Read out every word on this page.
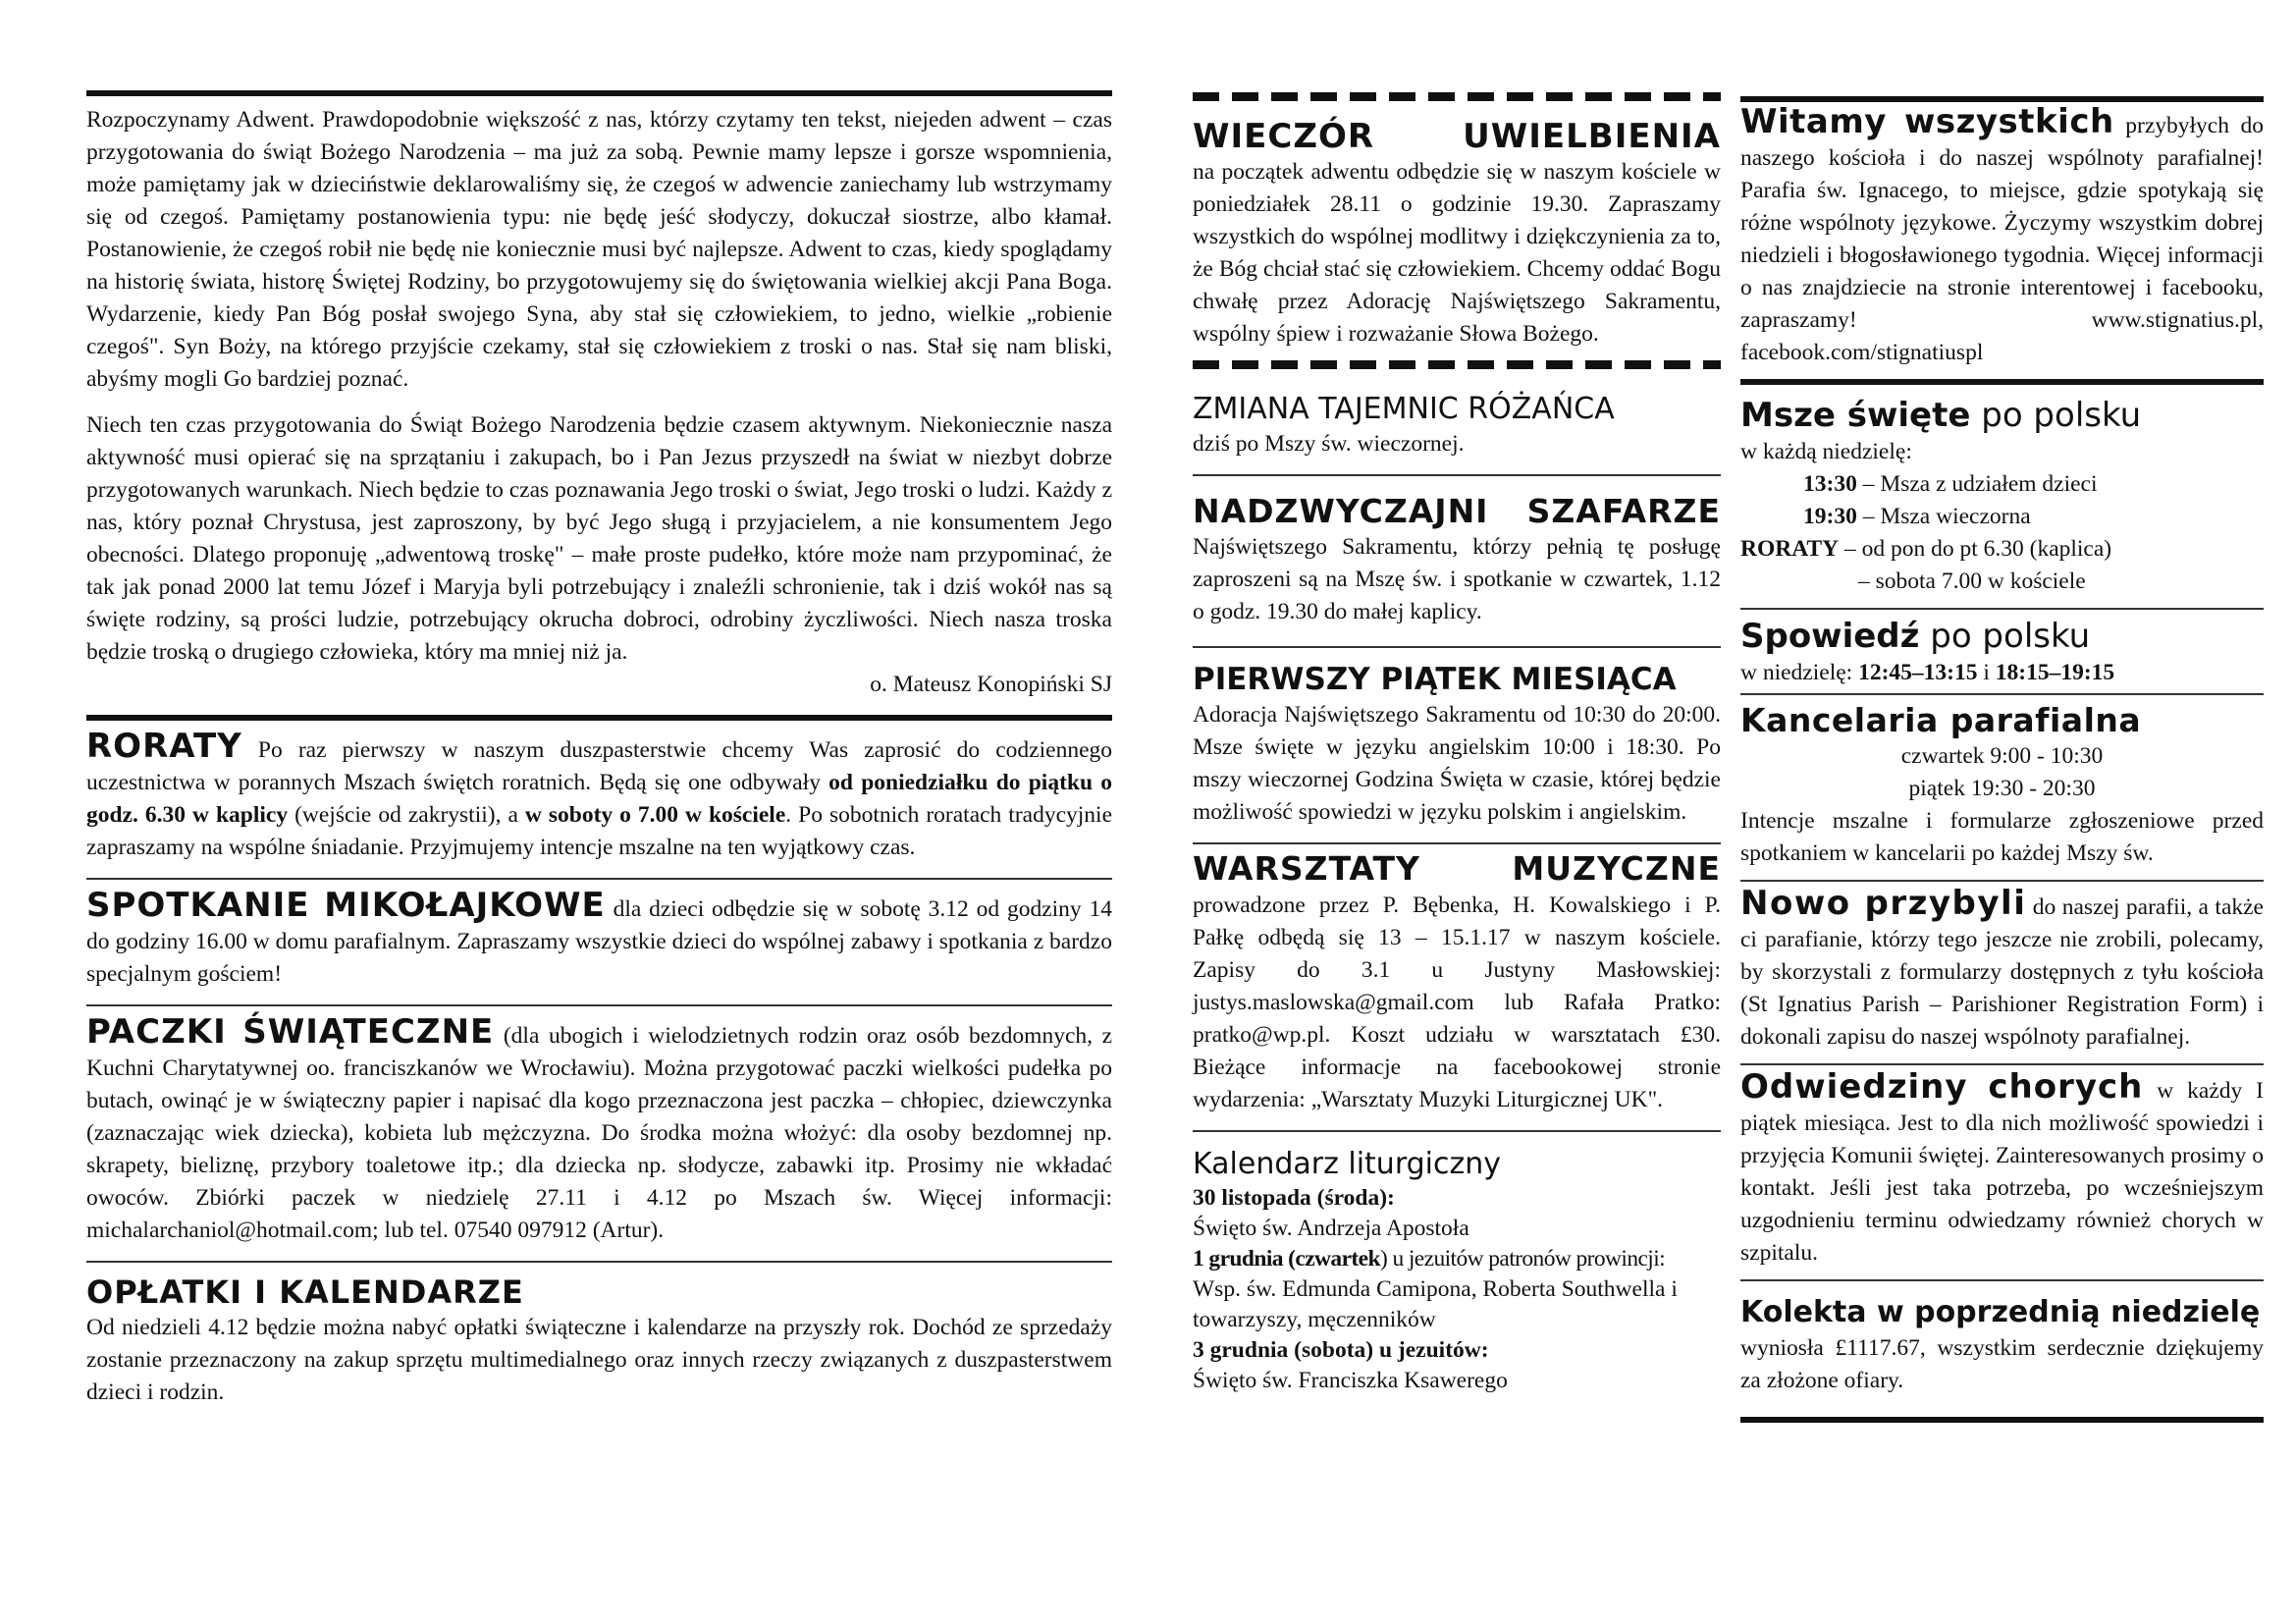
Rozpoczynamy Adwent. Prawdopodobnie większość z nas, którzy czytamy ten tekst, niejeden adwent – czas przygotowania do świąt Bożego Narodzenia – ma już za sobą. Pewnie mamy lepsze i gorsze wspomnienia, może pamiętamy jak w dzieciństwie deklarowaliśmy się, że czegoś w adwencie zaniechamy lub wstrzymamy się od czegoś. Pamiętamy postanowienia typu: nie będę jeść słodyczy, dokuczał siostrze, albo kłamał. Postanowienie, że czegoś robił nie będę nie koniecznie musi być najlepsze. Adwent to czas, kiedy spoglądamy na historię świata, historę Świętej Rodziny, bo przygotowujemy się do świętowania wielkiej akcji Pana Boga. Wydarzenie, kiedy Pan Bóg posłał swojego Syna, aby stał się człowiekiem, to jedno, wielkie „robienie czegoś". Syn Boży, na którego przyjście czekamy, stał się człowiekiem z troski o nas. Stał się nam bliski, abyśmy mogli Go bardziej poznać.

Niech ten czas przygotowania do Świąt Bożego Narodzenia będzie czasem aktywnym. Niekoniecznie nasza aktywność musi opierać się na sprzątaniu i zakupach, bo i Pan Jezus przyszedł na świat w niezbyt dobrze przygotowanych warunkach. Niech będzie to czas poznawania Jego troski o świat, Jego troski o ludzi. Każdy z nas, który poznał Chrystusa, jest zaproszony, by być Jego sługą i przyjacielem, a nie konsumentem Jego obecności. Dlatego proponuję „adwentową troskę" – małe proste pudełko, które może nam przypominać, że tak jak ponad 2000 lat temu Józef i Maryja byli potrzebujący i znaleźli schronienie, tak i dziś wokół nas są święte rodziny, są prości ludzie, potrzebujący okrucha dobroci, odrobiny życzliwości. Niech nasza troska będzie troską o drugiego człowieka, który ma mniej niż ja.

o. Mateusz Konopiński SJ

RORATY Po raz pierwszy w naszym duszpasterstwie chcemy Was zaprosić do codziennego uczestnictwa w porannych Mszach świętch roratnich. Będą się one odbywały od poniedziałku do piątku o godz. 6.30 w kaplicy (wejście od zakrystii), a w soboty o 7.00 w kościele. Po sobotnich roratach tradycyjnie zapraszamy na wspólne śniadanie. Przyjmujemy intencje mszalne na ten wyjątkowy czas.

SPOTKANIE MIKOŁAJKOWE dla dzieci odbędzie się w sobotę 3.12 od godziny 14 do godziny 16.00 w domu parafialnym. Zapraszamy wszystkie dzieci do wspólnej zabawy i spotkania z bardzo specjalnym gościem!

PACZKI ŚWIĄTECZNE (dla ubogich i wielodzietnych rodzin oraz osób bezdomnych, z Kuchni Charytatywnej oo. franciszkanów we Wrocławiu). Można przygotować paczki wielkości pudełka po butach, owinąć je w świąteczny papier i napisać dla kogo przeznaczona jest paczka – chłopiec, dziewczynka (zaznaczając wiek dziecka), kobieta lub mężczyzna. Do środka można włożyć: dla osoby bezdomnej np. skrapety, bieliznę, przybory toaletowe itp.; dla dziecka np. słodycze, zabawki itp. Prosimy nie wkładać owoców. Zbiórki paczek w niedzielę 27.11 i 4.12 po Mszach św. Więcej informacji: michalarchaniol@hotmail.com; lub tel. 07540 097912 (Artur).

OPŁATKI I KALENDARZE

Od niedzieli 4.12 będzie można nabyć opłatki świąteczne i kalendarze na przyszły rok. Dochód ze sprzedaży zostanie przeznaczony na zakup sprzętu multimedialnego oraz innych rzeczy związanych z duszpasterstwem dzieci i rodzin.

WIECZÓR UWIELBIENIA

na początek adwentu odbędzie się w naszym kościele w poniedziałek 28.11 o godzinie 19.30. Zapraszamy wszystkich do wspólnej modlitwy i dziękczynienia za to, że Bóg chciał stać się człowiekiem. Chcemy oddać Bogu chwałę przez Adorację Najświętszego Sakramentu, wspólny śpiew i rozważanie Słowa Bożego.

ZMIANA TAJEMNIC RÓŻAŃCA

dziś po Mszy św. wieczornej.

NADZWYCZAJNI SZAFARZE

Najświętszego Sakramentu, którzy pełnią tę posługę zaproszeni są na Mszę św. i spotkanie w czwartek, 1.12 o godz. 19.30 do małej kaplicy.

PIERWSZY PIĄTEK MIESIĄCA

Adoracja Najświętszego Sakramentu od 10:30 do 20:00. Msze święte w języku angielskim 10:00 i 18:30. Po mszy wieczornej Godzina Święta w czasie, której będzie możliwość spowiedzi w języku polskim i angielskim.

WARSZTATY MUZYCZNE prowadzone przez P. Bębenka, H. Kowalskiego i P. Pałkę odbędą się 13 – 15.1.17 w naszym kościele. Zapisy do 3.1 u Justyny Masłowskiej: justys.maslowska@gmail.com lub Rafała Pratko: pratko@wp.pl. Koszt udziału w warsztatach £30. Bieżące informacje na facebookowej stronie wydarzenia: „Warsztaty Muzyki Liturgicznej UK".

Kalendarz liturgiczny
30 listopada (środa):
Święto św. Andrzeja Apostoła
1 grudnia (czwartek) u jezuitów patronów prowincji:
Wsp. św. Edmunda Camipona, Roberta Southwella i towarzyszy, męczenników
3 grudnia (sobota) u jezuitów:
Święto św. Franciszka Ksawerego

Witamy wszystkich przybyłych do naszego kościoła i do naszej wspólnoty parafialnej! Parafia św. Ignacego, to miejsce, gdzie spotykają się różne wspólnoty językowe. Życzymy wszystkim dobrej niedzieli i błogosławionego tygodnia. Więcej informacji o nas znajdziecie na stronie interentowej i facebooku, zapraszamy! www.stignatius.pl, facebook.com/stignatiuspl

Msze święte po polsku
w każdą niedzielę:
13:30 – Msza z udziałem dzieci
19:30 – Msza wieczorna
RORATY – od pon do pt 6.30 (kaplica)
– sobota 7.00 w kościele
Spowiedź po polsku

w niedzielę: 12:45–13:15 i 18:15–19:15

Kancelaria parafialna
czwartek 9:00 - 10:30
piątek 19:30 - 20:30

Intencje mszalne i formularze zgłoszeniowe przed spotkaniem w kancelarii po każdej Mszy św.

Nowo przybyli do naszej parafii, a także ci parafianie, którzy tego jeszcze nie zrobili, polecamy, by skorzystali z formularzy dostępnych z tyłu kościoła (St Ignatius Parish – Parishioner Registration Form) i dokonali zapisu do naszej wspólnoty parafialnej.

Odwiedziny chorych w każdy I piątek miesiąca. Jest to dla nich możliwość spowiedzi i przyjęcia Komunii świętej. Zainteresowanych prosimy o kontakt. Jeśli jest taka potrzeba, po wcześniejszym uzgodnieniu terminu odwiedzamy również chorych w szpitalu.

Kolekta w poprzednią niedzielę

wyniosła £1117.67, wszystkim serdecznie dziękujemy za złożone ofiary.
